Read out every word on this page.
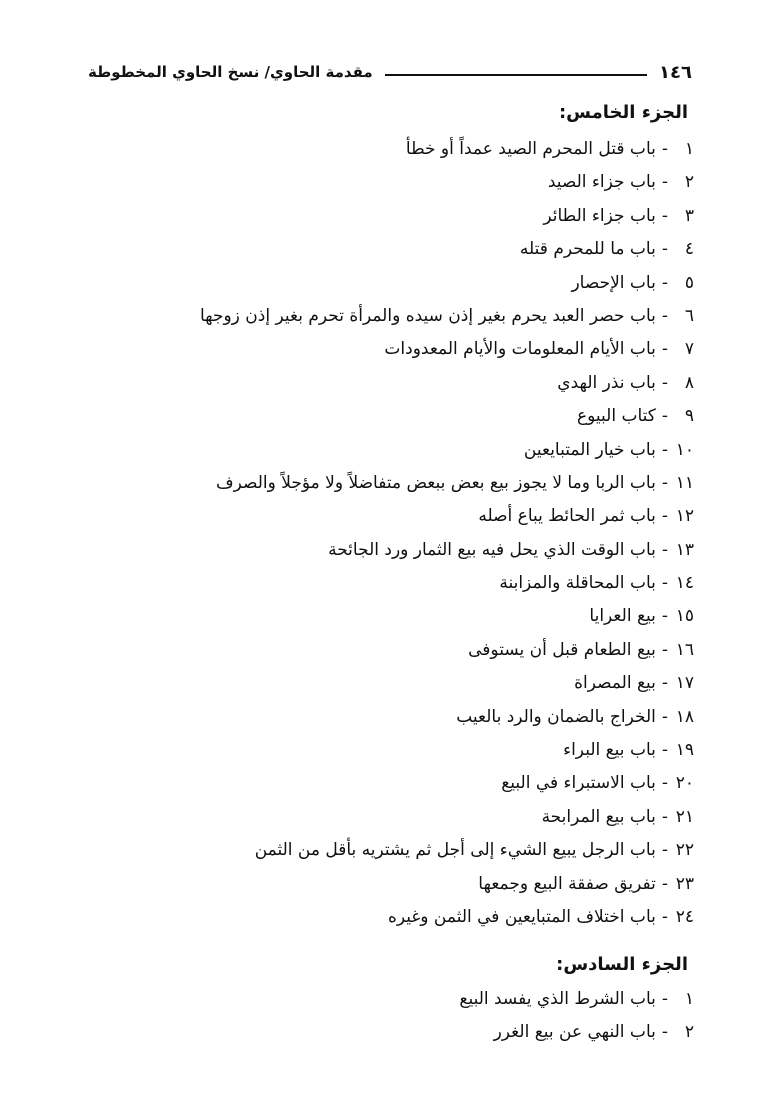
١٤٦
مقدمة الحاوي/ نسخ الحاوي المخطوطة
الجزء الخامس:
١
-
باب قتل المحرم الصيد عمداً أو خطأ
٢
-
باب جزاء الصيد
٣
-
باب جزاء الطائر
٤
-
باب ما للمحرم قتله
٥
-
باب الإحصار
٦
-
باب حصر العبد يحرم بغير إذن سيده والمرأة تحرم بغير إذن زوجها
٧
-
باب الأيام المعلومات والأيام المعدودات
٨
-
باب نذر الهدي
٩
-
كتاب البيوع
١٠
-
باب خيار المتبايعين
١١
-
باب الربا وما لا يجوز بيع بعض ببعض متفاضلاً ولا مؤجلاً والصرف
١٢
-
باب ثمر الحائط يباع أصله
١٣
-
باب الوقت الذي يحل فيه بيع الثمار ورد الجائحة
١٤
-
باب المحاقلة والمزابنة
١٥
-
بيع العرايا
١٦
-
بيع الطعام قبل أن يستوفى
١٧
-
بيع المصراة
١٨
-
الخراج بالضمان والرد بالعيب
١٩
-
باب بيع البراء
٢٠
-
باب الاستبراء في البيع
٢١
-
باب بيع المرابحة
٢٢
-
باب الرجل يبيع الشيء إلى أجل ثم يشتريه بأقل من الثمن
٢٣
-
تفريق صفقة البيع وجمعها
٢٤
-
باب اختلاف المتبايعين في الثمن وغيره
الجزء السادس:
١
-
باب الشرط الذي يفسد البيع
٢
-
باب النهي عن بيع الغرر
